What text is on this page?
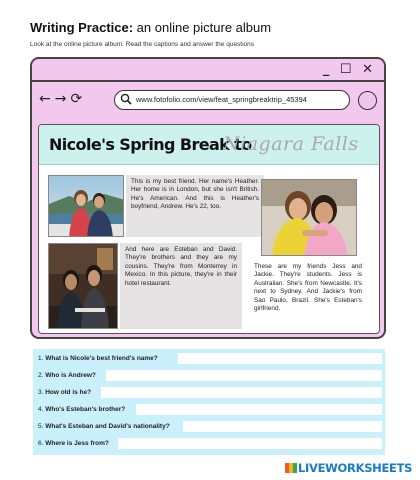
Writing Practice: an online picture album
Look at the online picture album. Read the captions and answer the questions
_ ☐ ✕
← → ⟳	www.fotofolio.com/view/feat_springbreaktrip_45394
Nicole's Spring Break to
Niagara Falls
This is my best friend. Her name's Heather. Her home is in London, but she isn't British. He's American. And this is Heather's boyfriend, Andrew. He's 22, too.
And here are Esteban and David. They're brothers and they are my cousins. They're from Monterrey in Mexico. In this picture, they're in their hotel restaurant.
These are my friends Jess and Jackie. They're students. Jess is Australian. She's from Newcastle. It's next to Sydney. And Jackie's from Sao Paulo, Brazil. She's Esteban's girlfriend.
1. What is Nicole's best friend's name?
2. Who is Andrew?
3. How old is he?
4. Who's Esteban's brother?
5. What's Esteban and David's nationality?
6. Where is Jess from?
LIVEWORKSHEETS
